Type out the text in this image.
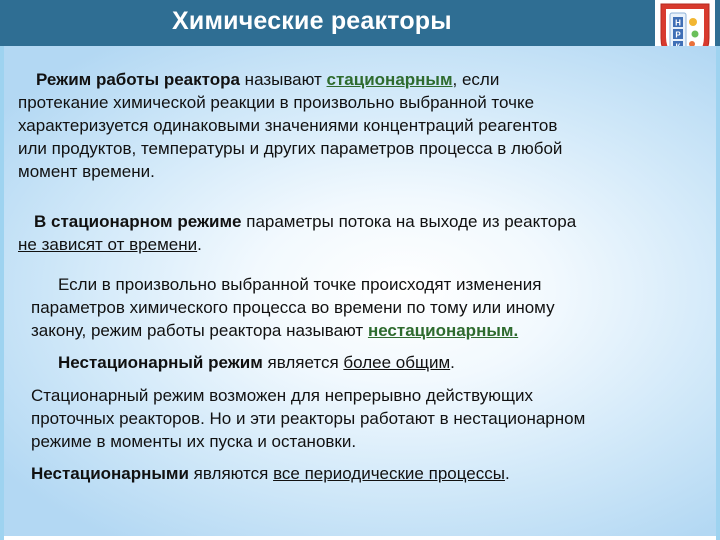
Химические реакторы	Н
Р

Режим работы реактора называют стационарным, если

протекание химической реакции в произвольно выбранной точке

характеризуется одинаковыми значениями концентраций реагентов

или продуктов, температуры и других параметров процесса в любой

момент времени.

В стационарном режиме параметры потока на выходе из реактора

не зависят от времени.

Если в произвольно выбранной точке происходят изменения

параметров химического процесса во времени по тому или иному

закону, режим работы реактора называют нестационарным.

Нестационарный режим является более общим.

Стационарный режим возможен для непрерывно действующих

проточных реакторов. Но и эти реакторы работают в нестационарном

режиме в моменты их пуска и остановки.

Нестационарными являются все периодические процессы.
